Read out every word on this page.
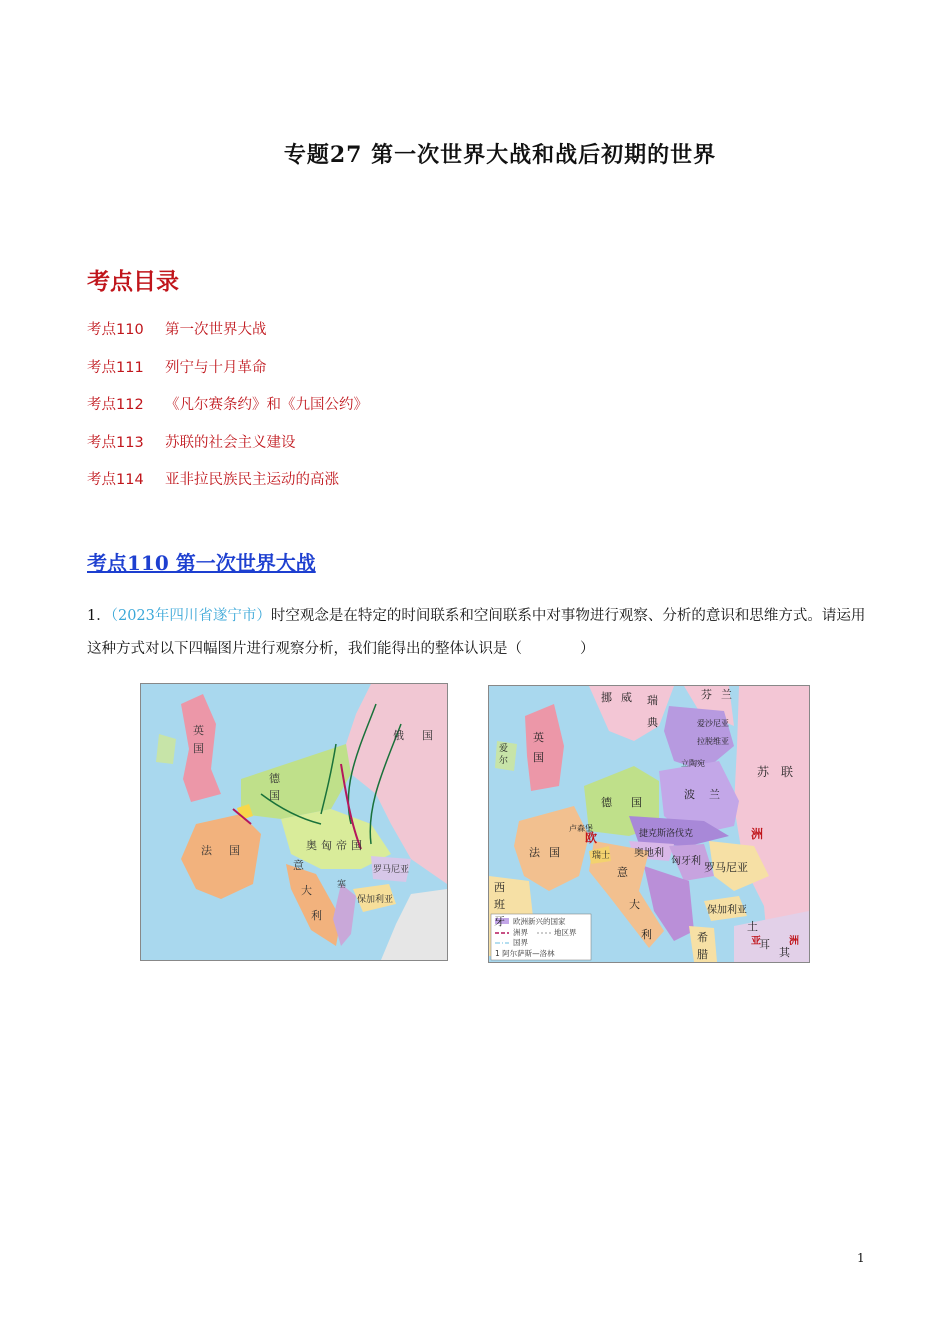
专题27 第一次世界大战和战后初期的世界
考点目录
考点110 第一次世界大战
考点111 列宁与十月革命
考点112 《凡尔赛条约》和《九国公约》
考点113 苏联的社会主义建设
考点114 亚非拉民族民主运动的高涨
考点110 第一次世界大战
1．（2023年四川省遂宁市）时空观念是在特定的时间联系和空间联系中对事物进行观察、分析的意识和思维方式。请运用这种方式对以下四幅图片进行观察分析，我们能得出的整体认识是（　　　　）
俄 国
英
国
德
国
法 国	奥 匈 帝 国
意
大
利
罗马尼亚
保加利亚
塞
欧洲新兴的国家
洲界	地区界
国界
1 阿尔萨斯—洛林
挪 威 瑞
典
芬 兰
爱沙尼亚
拉脱维亚
立陶宛
苏 联
英
国
德 国
波 兰
法 国
欧
卢森堡
瑞士 奥地利
捷克斯洛伐克
匈牙利 罗马尼亚
意
大
利
保加利亚
土
耳
其
洲
亚	洲
西
班
牙
希
腊
爱
尔
1
